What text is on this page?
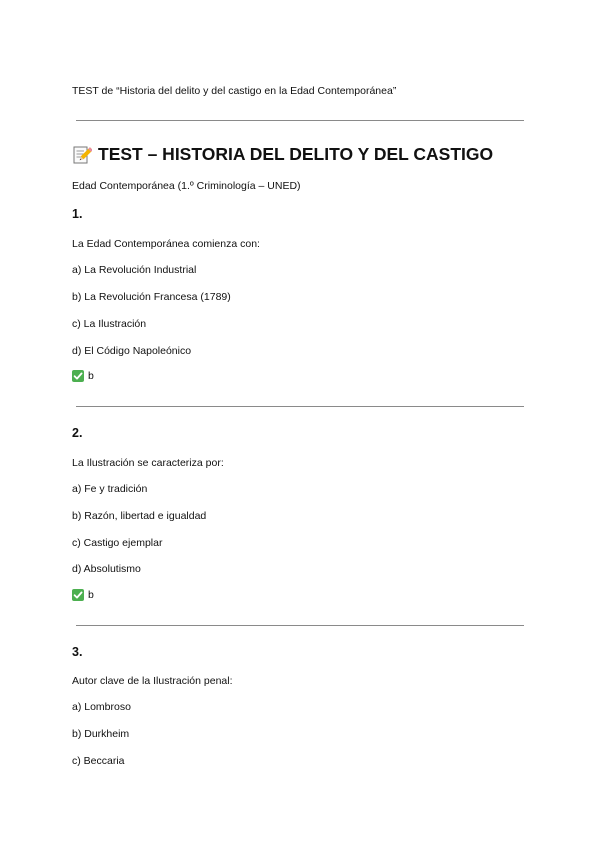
TEST de “Historia del delito y del castigo en la Edad Contemporánea”
TEST – HISTORIA DEL DELITO Y DEL CASTIGO
Edad Contemporánea (1.º Criminología – UNED)
1.
La Edad Contemporánea comienza con:
a) La Revolución Industrial
b) La Revolución Francesa (1789)
c) La Ilustración
d) El Código Napoleónico
b
2.
La Ilustración se caracteriza por:
a) Fe y tradición
b) Razón, libertad e igualdad
c) Castigo ejemplar
d) Absolutismo
b
3.
Autor clave de la Ilustración penal:
a) Lombroso
b) Durkheim
c) Beccaria
